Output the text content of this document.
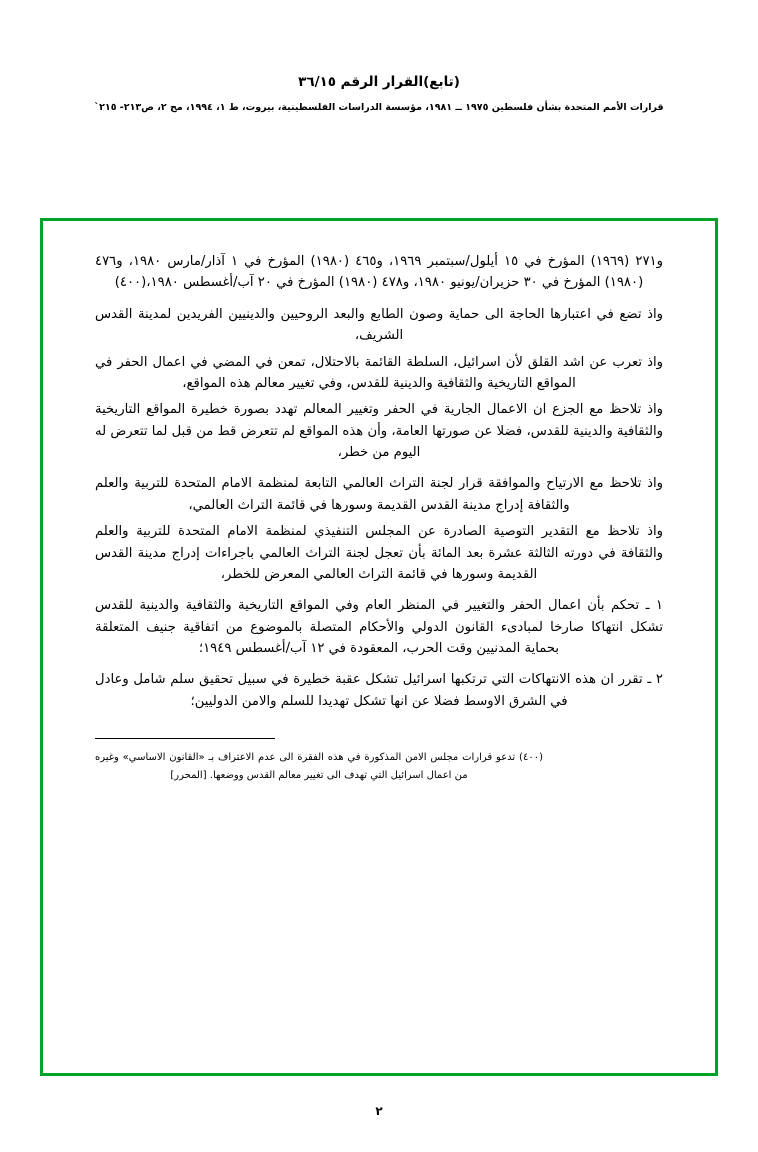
(تابع)القرار الرقم ٣٦/١٥
قرارات الأمم المتحدة بشأن فلسطين ١٩٧٥ ــ ١٩٨١، مؤسسة الدراسات الفلسطينية، بيروت، ط ١، ١٩٩٤، مج ٢، ص٢١٣- ٢١٥`

و٢٧١ (١٩٦٩) المؤرخ في ١٥ أيلول/سبتمبر ١٩٦٩، و٤٦٥ (١٩٨٠) المؤرخ في ١ آذار/مارس ١٩٨٠، و٤٧٦ (١٩٨٠) المؤرخ في ٣٠ حزيران/يونيو ١٩٨٠، و٤٧٨ (١٩٨٠) المؤرخ في ٢٠ آب/أغسطس ١٩٨٠،(٤٠٠)

واذ تضع في اعتبارها الحاجة الى حماية وصون الطابع والبعد الروحيين والدينيين الفريدين لمدينة القدس الشريف،

واذ تعرب عن اشد القلق لأن اسرائيل، السلطة القائمة بالاحتلال، تمعن في المضي في اعمال الحفر في المواقع التاريخية والثقافية والدينية للقدس، وفي تغيير معالم هذه المواقع،

واذ تلاحظ مع الجزع ان الاعمال الجارية في الحفر وتغيير المعالم تهدد بصورة خطيرة المواقع التاريخية والثقافية والدينية للقدس، فضلا عن صورتها العامة، وأن هذه المواقع لم تتعرض قط من قبل لما تتعرض له اليوم من خطر،

واذ تلاحظ مع الارتياح والموافقة قرار لجنة التراث العالمي التابعة لمنظمة الامام المتحدة للتربية والعلم والثقافة إدراج مدينة القدس القديمة وسورها في قائمة التراث العالمي،

واذ تلاحظ مع التقدير التوصية الصادرة عن المجلس التنفيذي لمنظمة الامام المتحدة للتربية والعلم والثقافة في دورته الثالثة عشرة بعد المائة بأن تعجل لجنة التراث العالمي باجراءات إدراج مدينة القدس القديمة وسورها في قائمة التراث العالمي المعرض للخطر،

١ ـ تحكم بأن اعمال الحفر والتغيير في المنظر العام وفي المواقع التاريخية والثقافية والدينية للقدس تشكل انتهاكا صارخا لمبادىء القانون الدولي والأحكام المتصلة بالموضوع من اتفاقية جنيف المتعلقة بحماية المدنيين وقت الحرب، المعقودة في ١٢ آب/أغسطس ١٩٤٩؛

٢ ـ تقرر ان هذه الانتهاكات التي ترتكبها اسرائيل تشكل عقبة خطيرة في سبيل تحقيق سلم شامل وعادل في الشرق الاوسط فضلا عن انها تشكل تهديدا للسلم والامن الدوليين؛

(٤٠٠) تدعو قرارات مجلس الامن المذكورة في هذه الفقرة الى عدم الاعتراف بـ «القانون الاساسي» وغيره من اعمال اسرائيل التي تهدف الى تغيير معالم القدس ووضعها. [المحرر]

٢
